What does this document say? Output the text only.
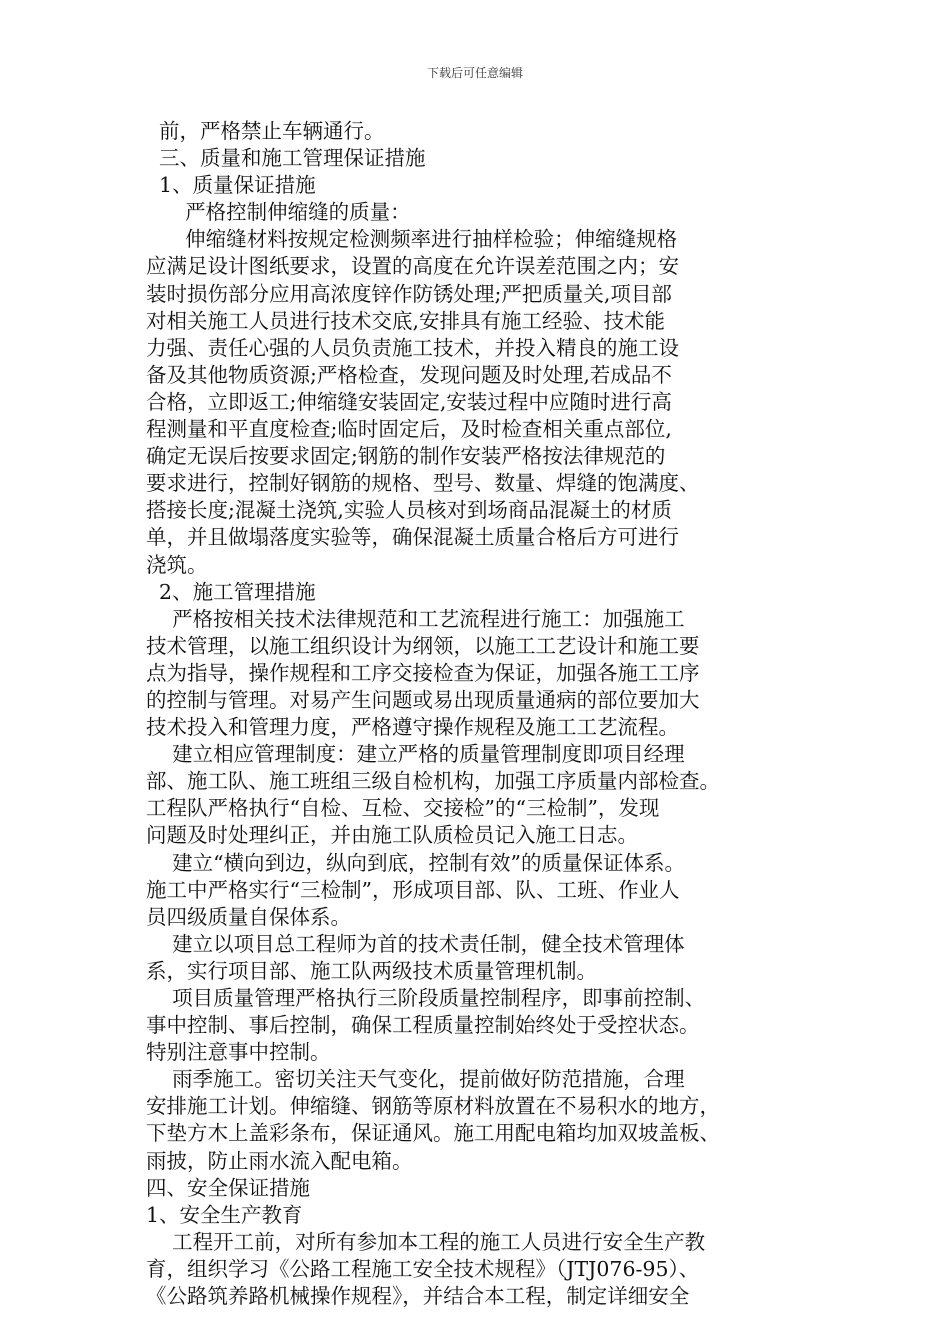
下载后可任意编辑
前，严格禁止车辆通行。
三、质量和施工管理保证措施
1、质量保证措施
严格控制伸缩缝的质量：
伸缩缝材料按规定检测频率进行抽样检验；伸缩缝规格
应满足设计图纸要求，设置的高度在允许误差范围之内；安
装时损伤部分应用高浓度锌作防锈处理;严把质量关,项目部
对相关施工人员进行技术交底,安排具有施工经验、技术能
力强、责任心强的人员负责施工技术，并投入精良的施工设
备及其他物质资源;严格检查，发现问题及时处理,若成品不
合格，立即返工;伸缩缝安装固定,安装过程中应随时进行高
程测量和平直度检查;临时固定后，及时检查相关重点部位,
确定无误后按要求固定;钢筋的制作安装严格按法律规范的
要求进行，控制好钢筋的规格、型号、数量、焊缝的饱满度、
搭接长度;混凝土浇筑,实验人员核对到场商品混凝土的材质
单，并且做塌落度实验等，确保混凝土质量合格后方可进行
浇筑。
2、施工管理措施
严格按相关技术法律规范和工艺流程进行施工：加强施工
技术管理，以施工组织设计为纲领，以施工工艺设计和施工要
点为指导，操作规程和工序交接检查为保证，加强各施工工序
的控制与管理。对易产生问题或易出现质量通病的部位要加大
技术投入和管理力度，严格遵守操作规程及施工工艺流程。
建立相应管理制度：建立严格的质量管理制度即项目经理
部、施工队、施工班组三级自检机构，加强工序质量内部检查。
工程队严格执行“自检、互检、交接检”的“三检制”，发现
问题及时处理纠正，并由施工队质检员记入施工日志。
建立“横向到边，纵向到底，控制有效”的质量保证体系。
施工中严格实行“三检制”，形成项目部、队、工班、作业人
员四级质量自保体系。
建立以项目总工程师为首的技术责任制，健全技术管理体
系，实行项目部、施工队两级技术质量管理机制。
项目质量管理严格执行三阶段质量控制程序，即事前控制、
事中控制、事后控制，确保工程质量控制始终处于受控状态。
特别注意事中控制。
雨季施工。密切关注天气变化，提前做好防范措施，合理
安排施工计划。伸缩缝、钢筋等原材料放置在不易积水的地方，
下垫方木上盖彩条布，保证通风。施工用配电箱均加双坡盖板、
雨披，防止雨水流入配电箱。
四、安全保证措施
1、安全生产教育
工程开工前，对所有参加本工程的施工人员进行安全生产教
育，组织学习《公路工程施工安全技术规程》（JTJ076-95）、
《公路筑养路机械操作规程》，并结合本工程，制定详细安全
